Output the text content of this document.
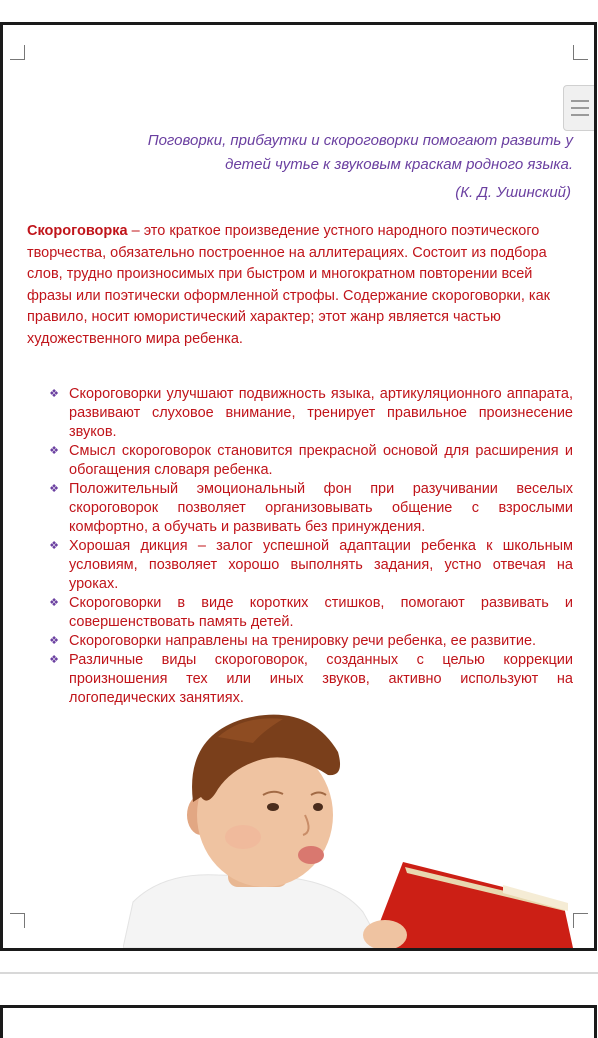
Поговорки, прибаутки и скороговорки помогают развить у
детей чутье к звуковым краскам родного языка.
(К. Д. Ушинский)
Скороговорка – это краткое произведение устного народного поэтического творчества, обязательно построенное на аллитерациях. Состоит из подбора слов, трудно произносимых при быстром и многократном повторении всей фразы или поэтически оформленной строфы. Содержание скороговорки, как правило, носит юмористический характер; этот жанр является частью художественного мира ребенка.
❖ Скороговорки улучшают подвижность языка, артикуляционного аппарата, развивают слуховое внимание, тренирует правильное произнесение звуков.
❖ Смысл скороговорок становится прекрасной основой для расширения и обогащения словаря ребенка.
❖ Положительный эмоциональный фон при разучивании веселых скороговорок позволяет организовывать общение с взрослыми комфортно, а обучать и развивать без принуждения.
❖ Хорошая дикция – залог успешной адаптации ребенка к школьным условиям, позволяет хорошо выполнять задания, устно отвечая на уроках.
❖ Скороговорки в виде коротких стишков, помогают развивать и совершенствовать память детей.
❖ Скороговорки направлены на тренировку речи ребенка, ее развитие.
❖ Различные виды скороговорок, созданных с целью коррекции произношения тех или иных звуков, активно используют на логопедических занятиях.
